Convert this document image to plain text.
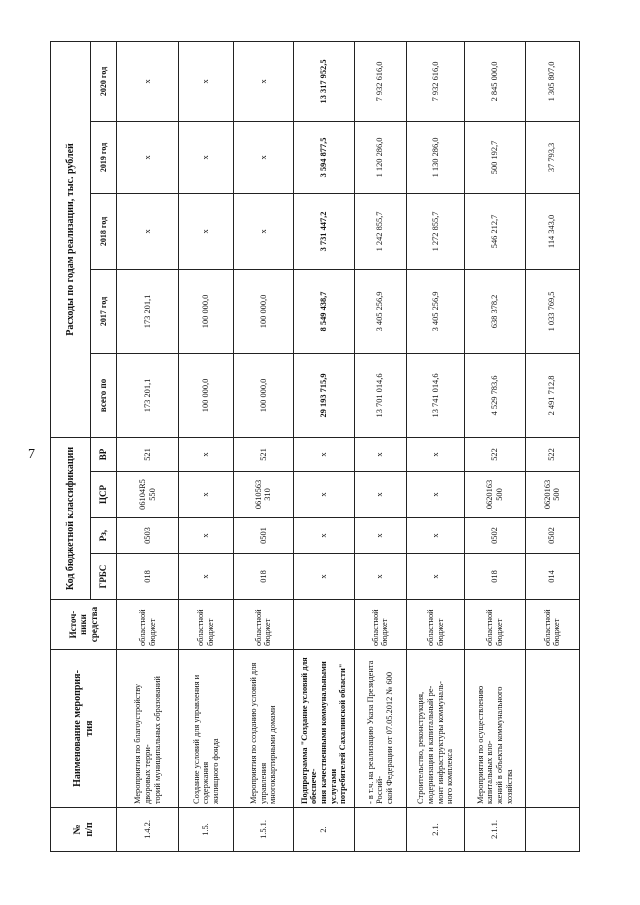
7
№
п/п	Наименование мероприя-
тия	Источ-
ники
средства	Код бюджетной классификации				Расходы по годам реализации, тыс. рублей				
			ГРБС	Рз,	ЦСР	ВР	всего по	2017 год	2018 год	2019 год	2020 год
1.4.2.	Мероприятия по благоустройству дворовых терри-
торий муниципальных образований	областной
бюджет	018	0503	06104R5
550	521	173 201,1	173 201,1	х	х	х
1.5.	Создание условий для управления и содержания
жилищного фонда	областной
бюджет	х	х	х	х	100 000,0	100 000,0	х	х	х
1.5.1.	Мероприятия по созданию условий для управления
многоквартирными домами	областной
бюджет	018	0501	0610563
310	521	100 000,0	100 000,0	х	х	х
2.	Подпрограмма "Создание условий для обеспече-
ния качественными коммунальными услугами
потребителей Сахалинской области"		х	х	х	х	29 193 715,9	8 549 438,7	3 731 447,2	3 594 877,5	13 317 952,5
	- в т.ч. на реализацию Указа Президента Россий-
ской Федерации от 07.05.2012 № 600	областной
бюджет	х	х	х	х	13 701 014,6	3 405 256,9	1 242 855,7	1 120 286,0	7 932 616,0
2.1.	Строительство, реконструкция,
модернизация и капитальный ре-
монт инфраструктуры коммуналь-
ного комплекса	областной
бюджет	х	х	х	х	13 741 014,6	3 405 256,9	1 272 855,7	1 130 286,0	7 932 616,0
2.1.1.	Мероприятия по осуществлению капитальных вло-
жений в объекты коммунального хозяйства	областной
бюджет	018	0502	0620163
500	522	4 529 783,6	638 378,2	546 212,7	500 192,7	2 845 000,0
		областной
бюджет	014	0502	0620163
500	522	2 491 712,8	1 033 769,5	114 343,0	37 793,3	1 305 807,0
